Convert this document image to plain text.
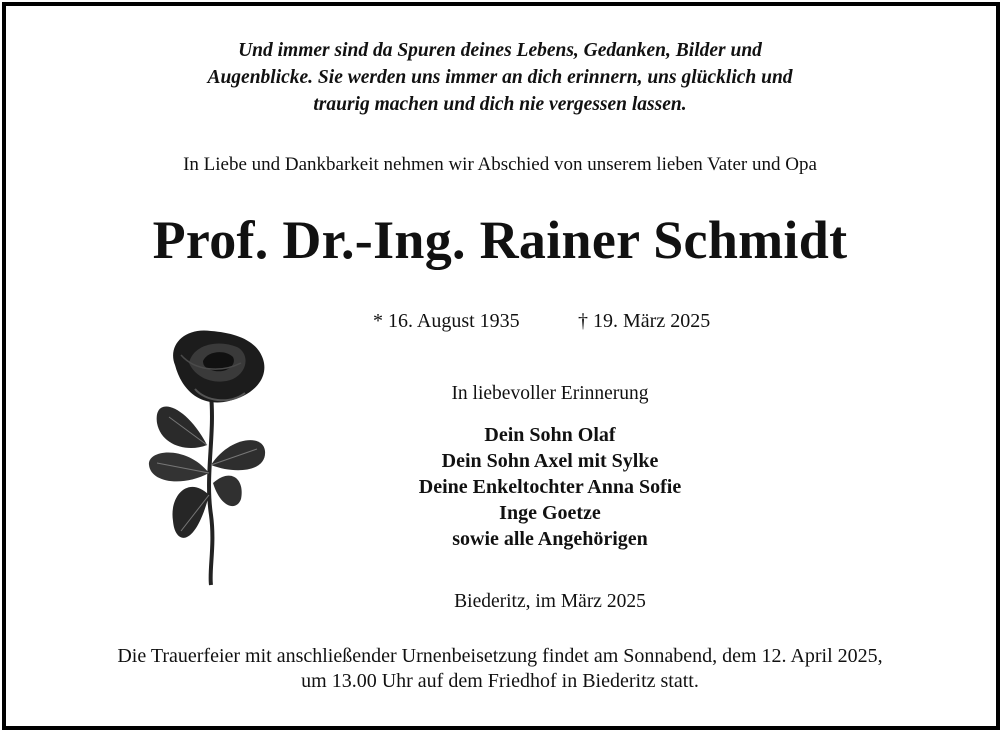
Und immer sind da Spuren deines Lebens, Gedanken, Bilder und
Augenblicke. Sie werden uns immer an dich erinnern, uns glücklich und
traurig machen und dich nie vergessen lassen.
In Liebe und Dankbarkeit nehmen wir Abschied von unserem lieben Vater und Opa
Prof. Dr.-Ing. Rainer Schmidt
* 16. August 1935	† 19. März 2025
In liebevoller Erinnerung
Dein Sohn Olaf
Dein Sohn Axel mit Sylke
Deine Enkeltochter Anna Sofie
Inge Goetze
sowie alle Angehörigen
Biederitz, im März 2025
Die Trauerfeier mit anschließender Urnenbeisetzung findet am Sonnabend, dem 12. April 2025,
um 13.00 Uhr auf dem Friedhof in Biederitz statt.
